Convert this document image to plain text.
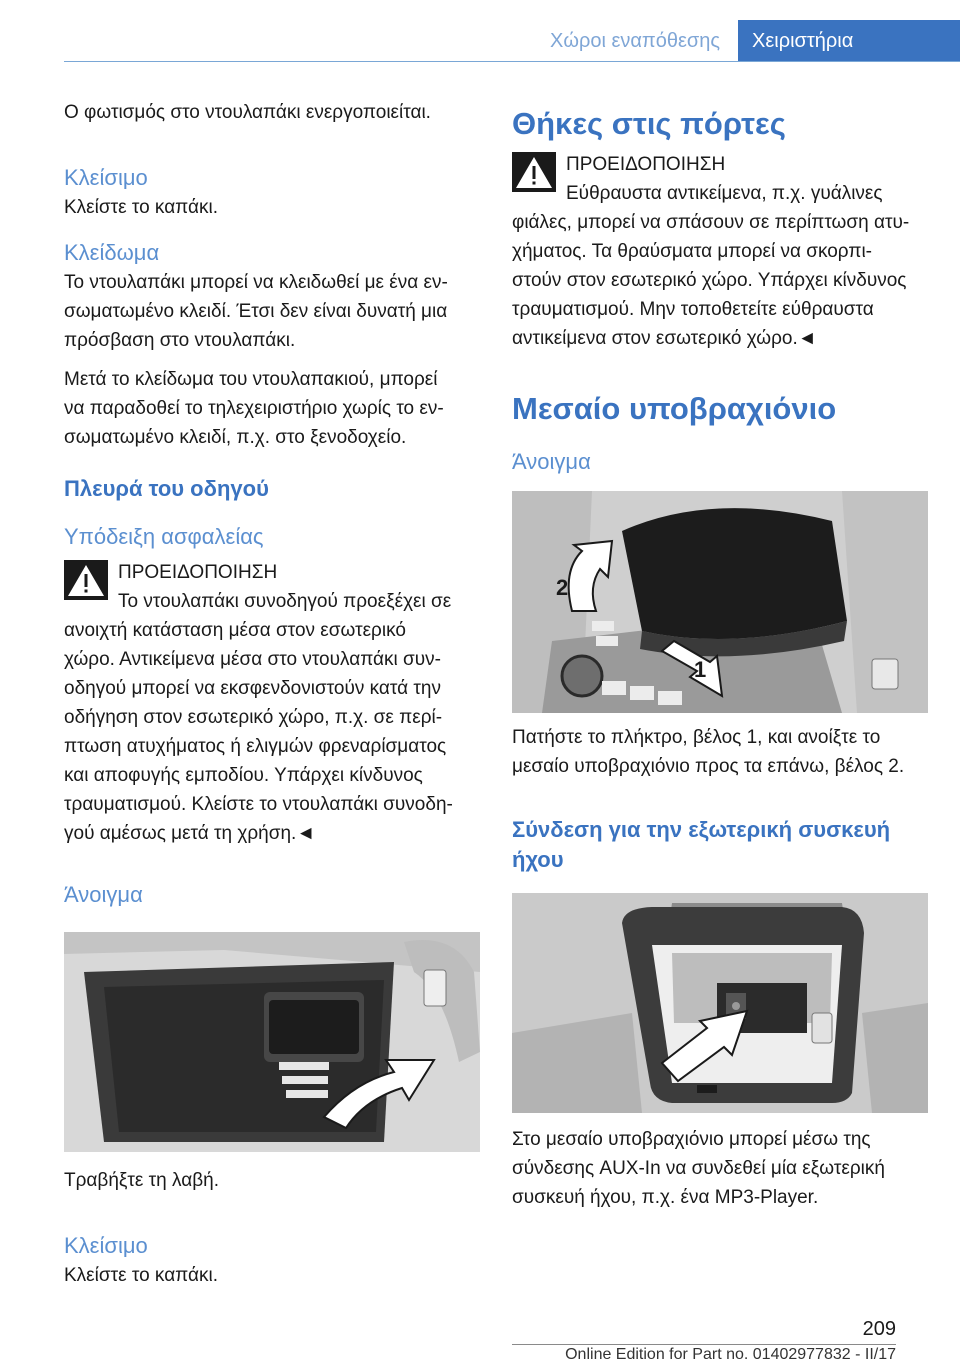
Χώροι εναπόθεσης	Χειριστήρια

Ο φωτισμός στο ντουλαπάκι ενεργοποιείται.

Κλείσιμο

Κλείστε το καπάκι.

Κλείδωμα

Το ντουλαπάκι μπορεί να κλειδωθεί με ένα εν-
σωματωμένο κλειδί. Έτσι δεν είναι δυνατή μια
πρόσβαση στο ντουλαπάκι.

Μετά το κλείδωμα του ντουλαπακιού, μπορεί
να παραδοθεί το τηλεχειριστήριο χωρίς το εν-
σωματωμένο κλειδί, π.χ. στο ξενοδοχείο.

Πλευρά του οδηγού
Υπόδειξη ασφαλείας

ΠΡΟΕΙΔΟΠΟΙΗΣΗ

Το ντουλαπάκι συνοδηγού προεξέχει σε

ανοιχτή κατάσταση μέσα στον εσωτερικό
χώρο. Αντικείμενα μέσα στο ντουλαπάκι συν-
οδηγού μπορεί να εκσφενδονιστούν κατά την
οδήγηση στον εσωτερικό χώρο, π.χ. σε περί-
πτωση ατυχήματος ή ελιγμών φρεναρίσματος
και αποφυγής εμποδίου. Υπάρχει κίνδυνος
τραυματισμού. Κλείστε το ντουλαπάκι συνοδη-
γού αμέσως μετά τη χρήση.◄

Άνοιγμα

Τραβήξτε τη λαβή.

Κλείσιμο

Κλείστε το καπάκι.

Θήκες στις πόρτες

ΠΡΟΕΙΔΟΠΟΙΗΣΗ

Εύθραυστα αντικείμενα, π.χ. γυάλινες

φιάλες, μπορεί να σπάσουν σε περίπτωση ατυ-
χήματος. Τα θραύσματα μπορεί να σκορπι-
στούν στον εσωτερικό χώρο. Υπάρχει κίνδυνος
τραυματισμού. Μην τοποθετείτε εύθραυστα
αντικείμενα στον εσωτερικό χώρο.◄

Μεσαίο υποβραχιόνιο
Άνοιγμα
1
2

Πατήστε το πλήκτρο, βέλος 1, και ανοίξτε το
μεσαίο υποβραχιόνιο προς τα επάνω, βέλος 2.

Σύνδεση για την εξωτερική συσκευή
ήχου

Στο μεσαίο υποβραχιόνιο μπορεί μέσω της
σύνδεσης AUX-In να συνδεθεί μία εξωτερική
συσκευή ήχου, π.χ. ένα MP3-Player.

209
Online Edition for Part no. 01402977832 - II/17
